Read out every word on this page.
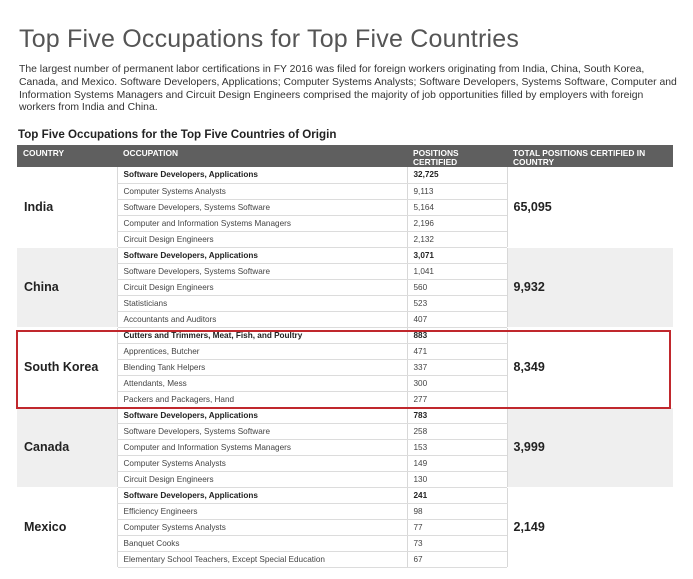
Top Five Occupations for Top Five Countries

The largest number of permanent labor certifications in FY 2016 was filed for foreign workers originating from India, China, South Korea, Canada, and Mexico. Software Developers, Applications; Computer Systems Analysts; Software Developers, Systems Software, Computer and Information Systems Managers and Circuit Design Engineers comprised the majority of job opportunities filled by employers with foreign workers from India and China.

Top Five Occupations for the Top Five Countries of Origin
COUNTRY	OCCUPATION	POSITIONS CERTIFIED	TOTAL POSITIONS CERTIFIED IN COUNTRY
India	Software Developers, Applications	32,725	65,095
	Computer Systems Analysts	9,113	
	Software Developers, Systems Software	5,164	
	Computer and Information Systems Managers	2,196	
	Circuit Design Engineers	2,132	
China	Software Developers, Applications	3,071	9,932
	Software Developers, Systems Software	1,041	
	Circuit Design Engineers	560	
	Statisticians	523	
	Accountants and Auditors	407	
South Korea	Cutters and Trimmers, Meat, Fish, and Poultry	883	8,349
	Apprentices, Butcher	471	
	Blending Tank Helpers	337	
	Attendants, Mess	300	
	Packers and Packagers, Hand	277	
Canada	Software Developers, Applications	783	3,999
	Software Developers, Systems Software	258	
	Computer and Information Systems Managers	153	
	Computer Systems Analysts	149	
	Circuit Design Engineers	130	
Mexico	Software Developers, Applications	241	2,149
	Efficiency Engineers	98	
	Computer Systems Analysts	77	
	Banquet Cooks	73	
	Elementary School Teachers, Except Special Education	67	
